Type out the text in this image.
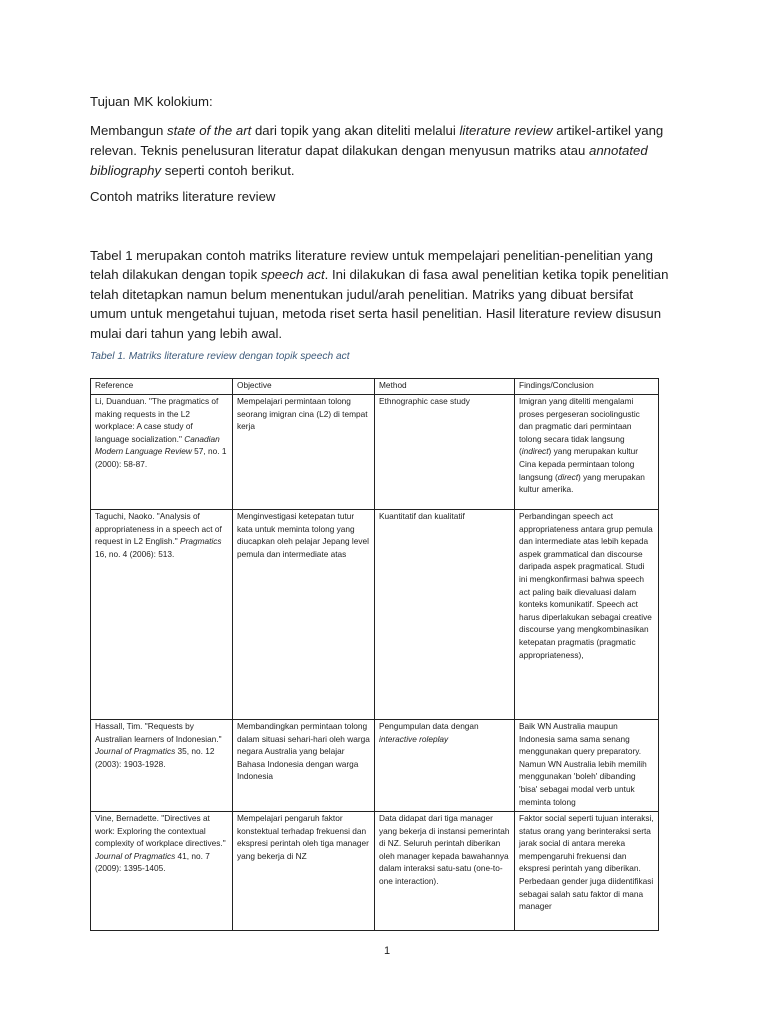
Tujuan MK kolokium:

Membangun state of the art dari topik yang akan diteliti melalui literature review artikel-artikel yang relevan. Teknis penelusuran literatur dapat dilakukan dengan menyusun matriks atau annotated bibliography seperti contoh berikut.

Contoh matriks literature review

Tabel 1 merupakan contoh matriks literature review untuk mempelajari penelitian-penelitian yang telah dilakukan dengan topik speech act. Ini dilakukan di fasa awal penelitian ketika topik penelitian telah ditetapkan namun belum menentukan judul/arah penelitian. Matriks yang dibuat bersifat umum untuk mengetahui tujuan, metoda riset serta hasil penelitian. Hasil literature review disusun mulai dari tahun yang lebih awal.

Tabel 1. Matriks literature review dengan topik speech act

Reference	Objective	Method	Findings/Conclusion
Li, Duanduan. "The pragmatics of making requests in the L2 workplace: A case study of language socialization." Canadian Modern Language Review 57, no. 1 (2000): 58-87.	Mempelajari permintaan tolong seorang imigran cina (L2) di tempat kerja	Ethnographic case study	Imigran yang diteliti mengalami proses pergeseran sociolingustic dan pragmatic dari permintaan tolong secara tidak langsung (indirect) yang merupakan kultur Cina kepada permintaan tolong langsung (direct) yang merupakan kultur amerika.
Taguchi, Naoko. "Analysis of appropriateness in a speech act of request in L2 English." Pragmatics 16, no. 4 (2006): 513.	Menginvestigasi ketepatan tutur kata untuk meminta tolong yang diucapkan oleh pelajar Jepang level pemula dan intermediate atas	Kuantitatif dan kualitatif	Perbandingan speech act appropriateness antara grup pemula dan intermediate atas lebih kepada aspek grammatical dan discourse daripada aspek pragmatical. Studi ini mengkonfirmasi bahwa speech act paling baik dievaluasi dalam konteks komunikatif. Speech act harus diperlakukan sebagai creative discourse yang mengkombinasikan ketepatan pragmatis (pragmatic appropriateness),
Hassall, Tim. "Requests by Australian learners of Indonesian." Journal of Pragmatics 35, no. 12 (2003): 1903-1928.	Membandingkan permintaan tolong dalam situasi sehari-hari oleh warga negara Australia yang belajar Bahasa Indonesia dengan warga Indonesia	Pengumpulan data dengan interactive roleplay	Baik WN Australia maupun Indonesia sama sama senang menggunakan query preparatory. Namun WN Australia lebih memilih menggunakan 'boleh' dibanding 'bisa' sebagai modal verb untuk meminta tolong
Vine, Bernadette. "Directives at work: Exploring the contextual complexity of workplace directives." Journal of Pragmatics 41, no. 7 (2009): 1395-1405.	Mempelajari pengaruh faktor konstektual terhadap frekuensi dan ekspresi perintah oleh tiga manager yang bekerja di NZ	Data didapat dari tiga manager yang bekerja di instansi pemerintah di NZ. Seluruh perintah diberikan oleh manager kepada bawahannya dalam interaksi satu-satu (one-to-one interaction).	Faktor social seperti tujuan interaksi, status orang yang berinteraksi serta jarak social di antara mereka mempengaruhi frekuensi dan ekspresi perintah yang diberikan. Perbedaan gender juga diidentifikasi sebagai salah satu faktor di mana manager
1
